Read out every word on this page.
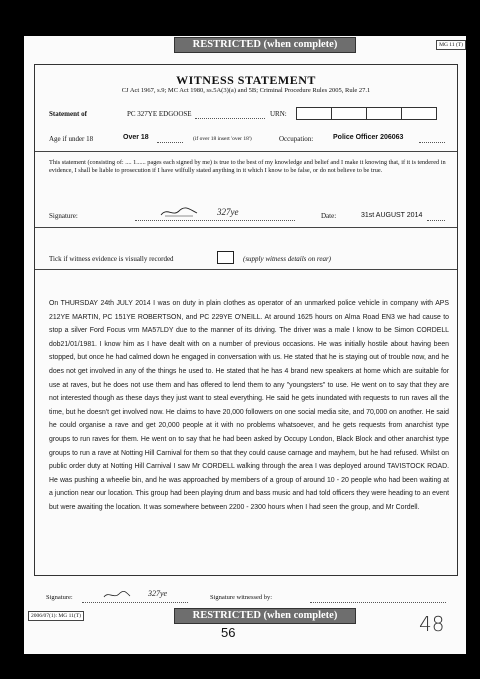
RESTRICTED (when complete)	MG 11 (T)
WITNESS STATEMENT
CJ Act 1967, s.9; MC Act 1980, ss.5A(3)(a) and 5B; Criminal Procedure Rules 2005, Rule 27.1
Statement of	PC 327YE EDGOOSE	URN:
Age if under 18	Over 18	(if over 18 insert 'over 18')	Occupation:	Police Officer 206063
This statement (consisting of: .... 1...... pages each signed by me) is true to the best of my knowledge and belief and I make it knowing that, if it is tendered in evidence, I shall be liable to prosecution if I have wilfully stated anything in it which I know to be false, or do not believe to be true.
Signature:	327ye	Date:	31st AUGUST 2014
Tick if witness evidence is visually recorded	(supply witness details on rear)
On THURSDAY 24th JULY 2014 I was on duty in plain clothes as operator of an unmarked police vehicle in company with APS 212YE MARTIN, PC 151YE ROBERTSON, and PC 229YE O'NEILL. At around 1625 hours on Alma Road EN3 we had cause to stop a silver Ford Focus vrm MA57LDY due to the manner of its driving. The driver was a male I know to be Simon CORDELL dob21/01/1981. I know him as I have dealt with on a number of previous occasions. He was initially hostile about having been stopped, but once he had calmed down he engaged in conversation with us. He stated that he is staying out of trouble now, and he does not get involved in any of the things he used to. He stated that he has 4 brand new speakers at home which are suitable for use at raves, but he does not use them and has offered to lend them to any "youngsters" to use. He went on to say that they are not interested though as these days they just want to steal everything. He said he gets inundated with requests to run raves all the time, but he doesn't get involved now. He claims to have 20,000 followers on one social media site, and 70,000 on another. He said he could organise a rave and get 20,000 people at it with no problems whatsoever, and he gets requests from anarchist type groups to run raves for them. He went on to say that he had been asked by Occupy London, Black Block and other anarchist type groups to run a rave at Notting Hill Carnival for them so that they could cause carnage and mayhem, but he had refused. Whilst on public order duty at Notting Hill Carnival I saw Mr CORDELL walking through the area I was deployed around TAVISTOCK ROAD. He was pushing a wheelie bin, and he was approached by members of a group of around 10 - 20 people who had been waiting at a junction near our location. This group had been playing drum and bass music and had told officers they were heading to an event but were awaiting the location. It was somewhere between 2200 - 2300 hours when I had seen the group, and Mr Cordell.
Signature:	327ye	Signature witnessed by:
2006/07(1): MG 11(T)	RESTRICTED (when complete)
56	48
